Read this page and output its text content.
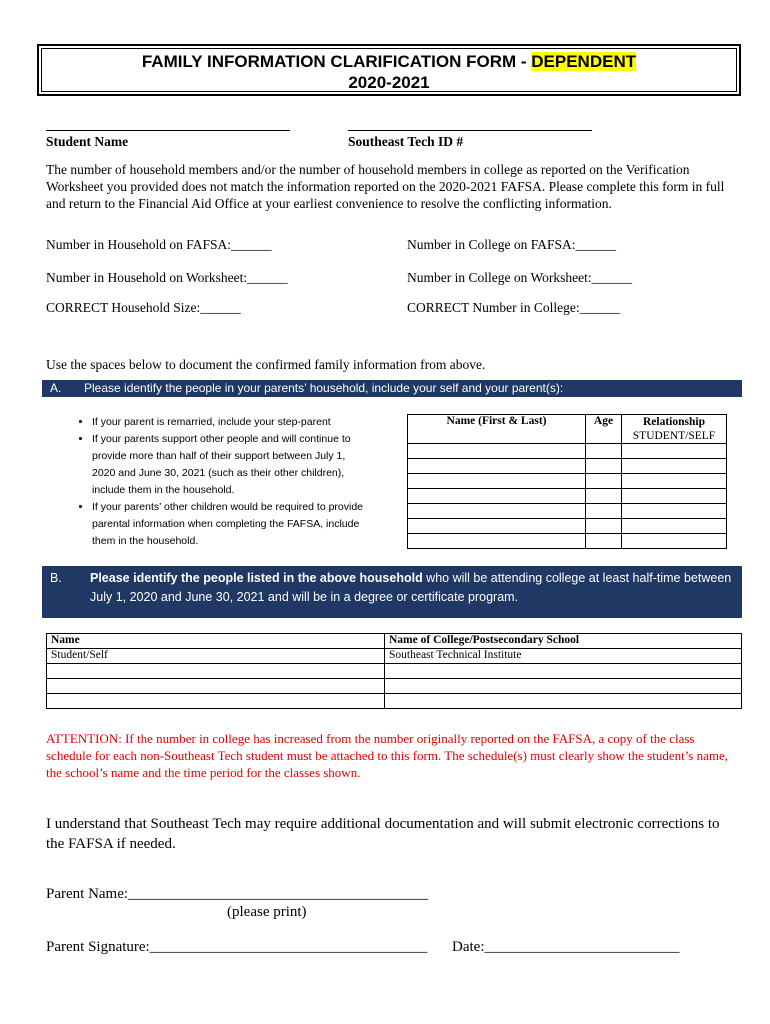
FAMILY INFORMATION CLARIFICATION FORM - DEPENDENT
2020-2021
Student Name	Southeast Tech ID #
The number of household members and/or the number of household members in college as reported on the Verification Worksheet you provided does not match the information reported on the 2020-2021 FAFSA. Please complete this form in full and return to the Financial Aid Office at your earliest convenience to resolve the conflicting information.
Number in Household on FAFSA:______	Number in College on FAFSA:______
Number in Household on Worksheet:______	Number in College on Worksheet:______
CORRECT Household Size:______	CORRECT Number in College:______
Use the spaces below to document the confirmed family information from above.
A. Please identify the people in your parents’ household, include your self and your parent(s):
• If your parent is remarried, include your step-parent
• If your parents support other people and will continue to provide more than half of their support between July 1, 2020 and June 30, 2021 (such as their other children), include them in the household.
• If your parents’ other children would be required to provide parental information when completing the FAFSA, include them in the household.
Name (First & Last)	Age	Relationship
STUDENT/SELF

B. Please identify the people listed in the above household who will be attending college at least half-time between July 1, 2020 and June 30, 2021 and will be in a degree or certificate program.
Name	Name of College/Postsecondary School
Student/Self	Southeast Technical Institute

ATTENTION: If the number in college has increased from the number originally reported on the FAFSA, a copy of the class schedule for each non-Southeast Tech student must be attached to this form. The schedule(s) must clearly show the student’s name, the school’s name and the time period for the classes shown.
I understand that Southeast Tech may require additional documentation and will submit electronic corrections to the FAFSA if needed.
Parent Name:________________________________________
(please print)
Parent Signature:_____________________________________ Date:__________________________
